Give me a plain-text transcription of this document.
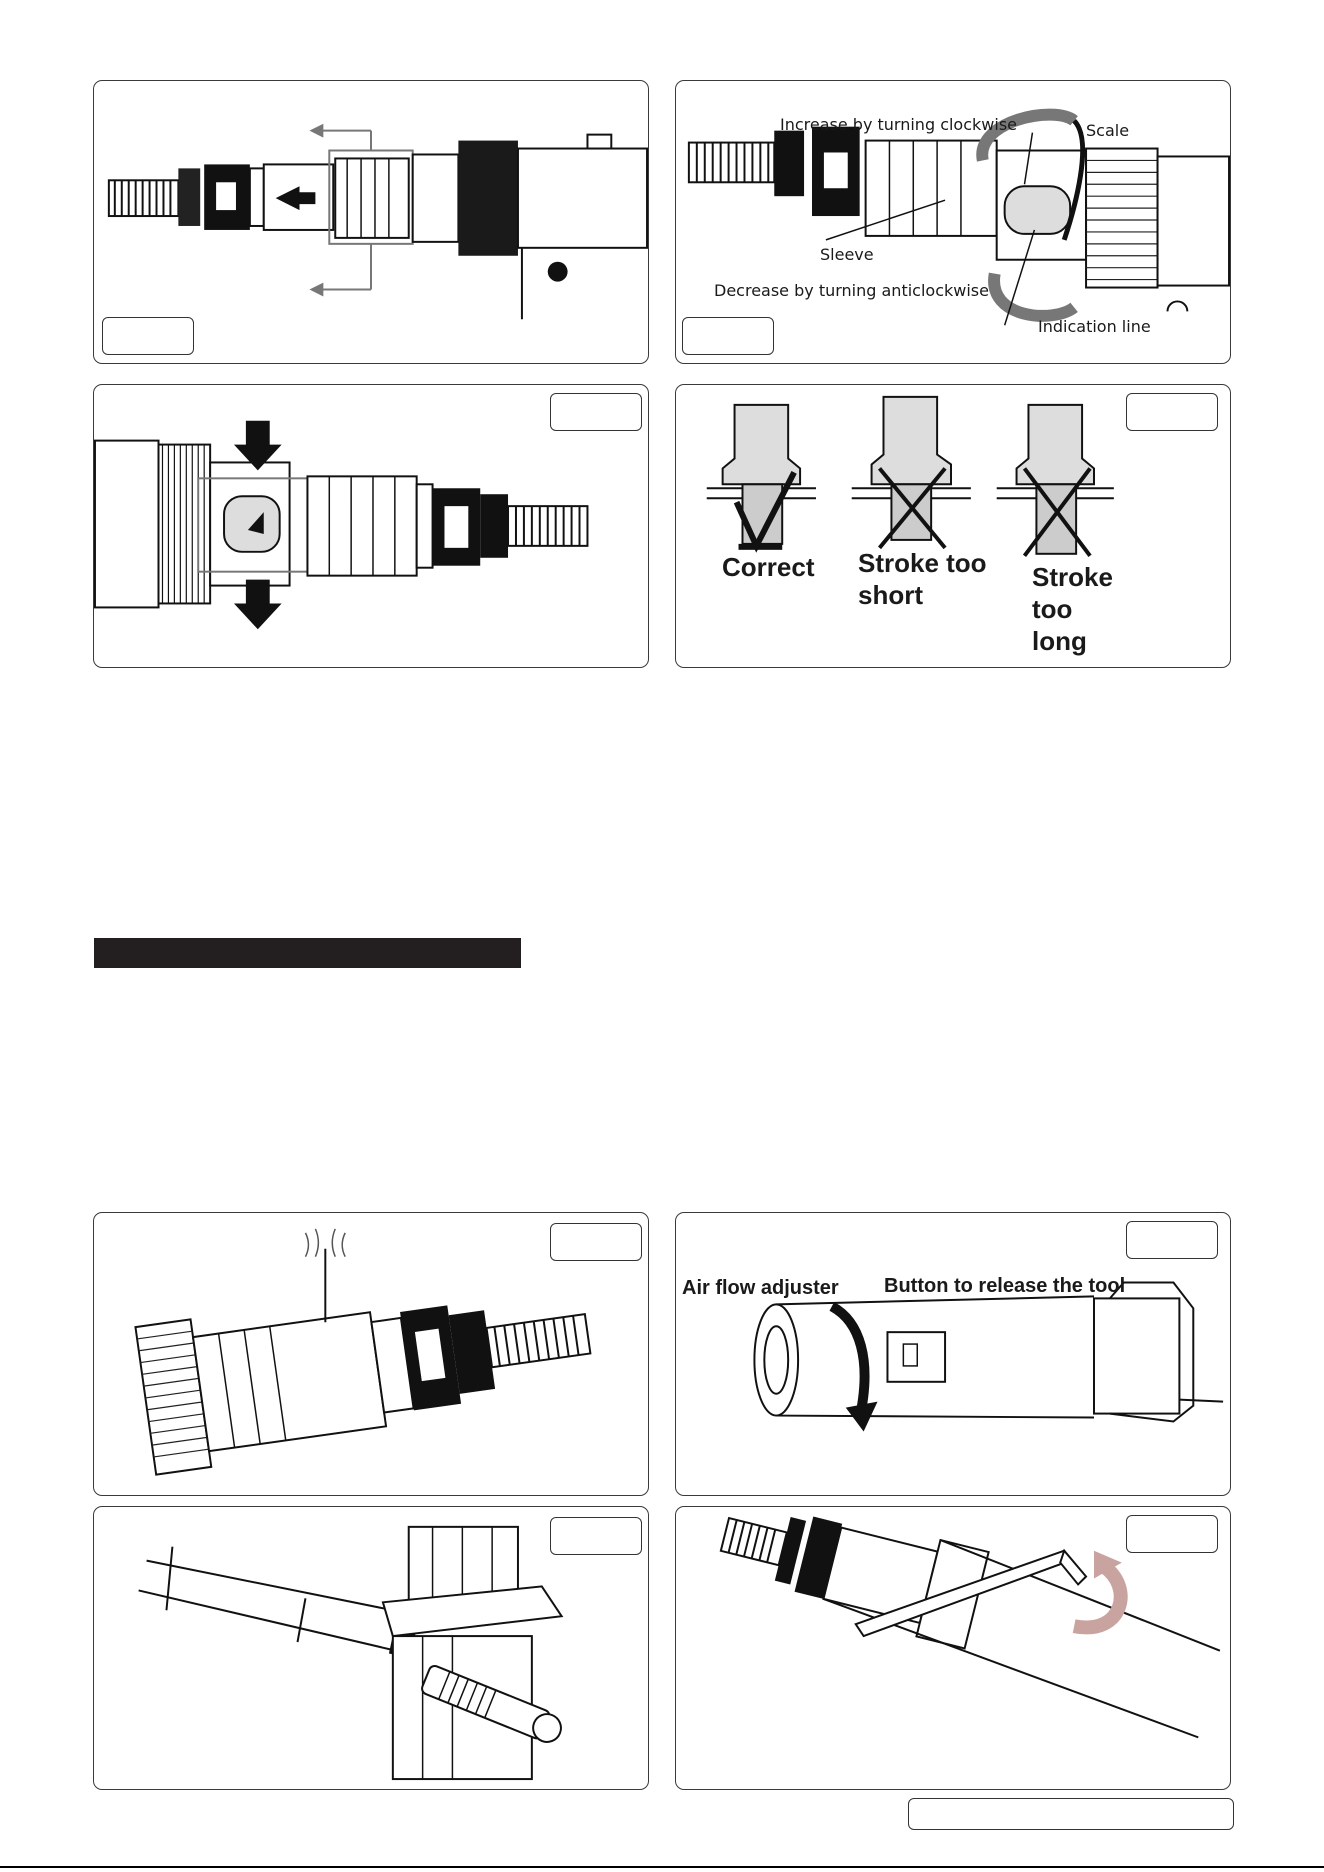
Increase by turning clockwise	Scale
Sleeve
Decrease by turning anticlockwise
Indication line
Correct Stroke too
short
Stroke
too
long
Air flow adjuster Button to release the tool
